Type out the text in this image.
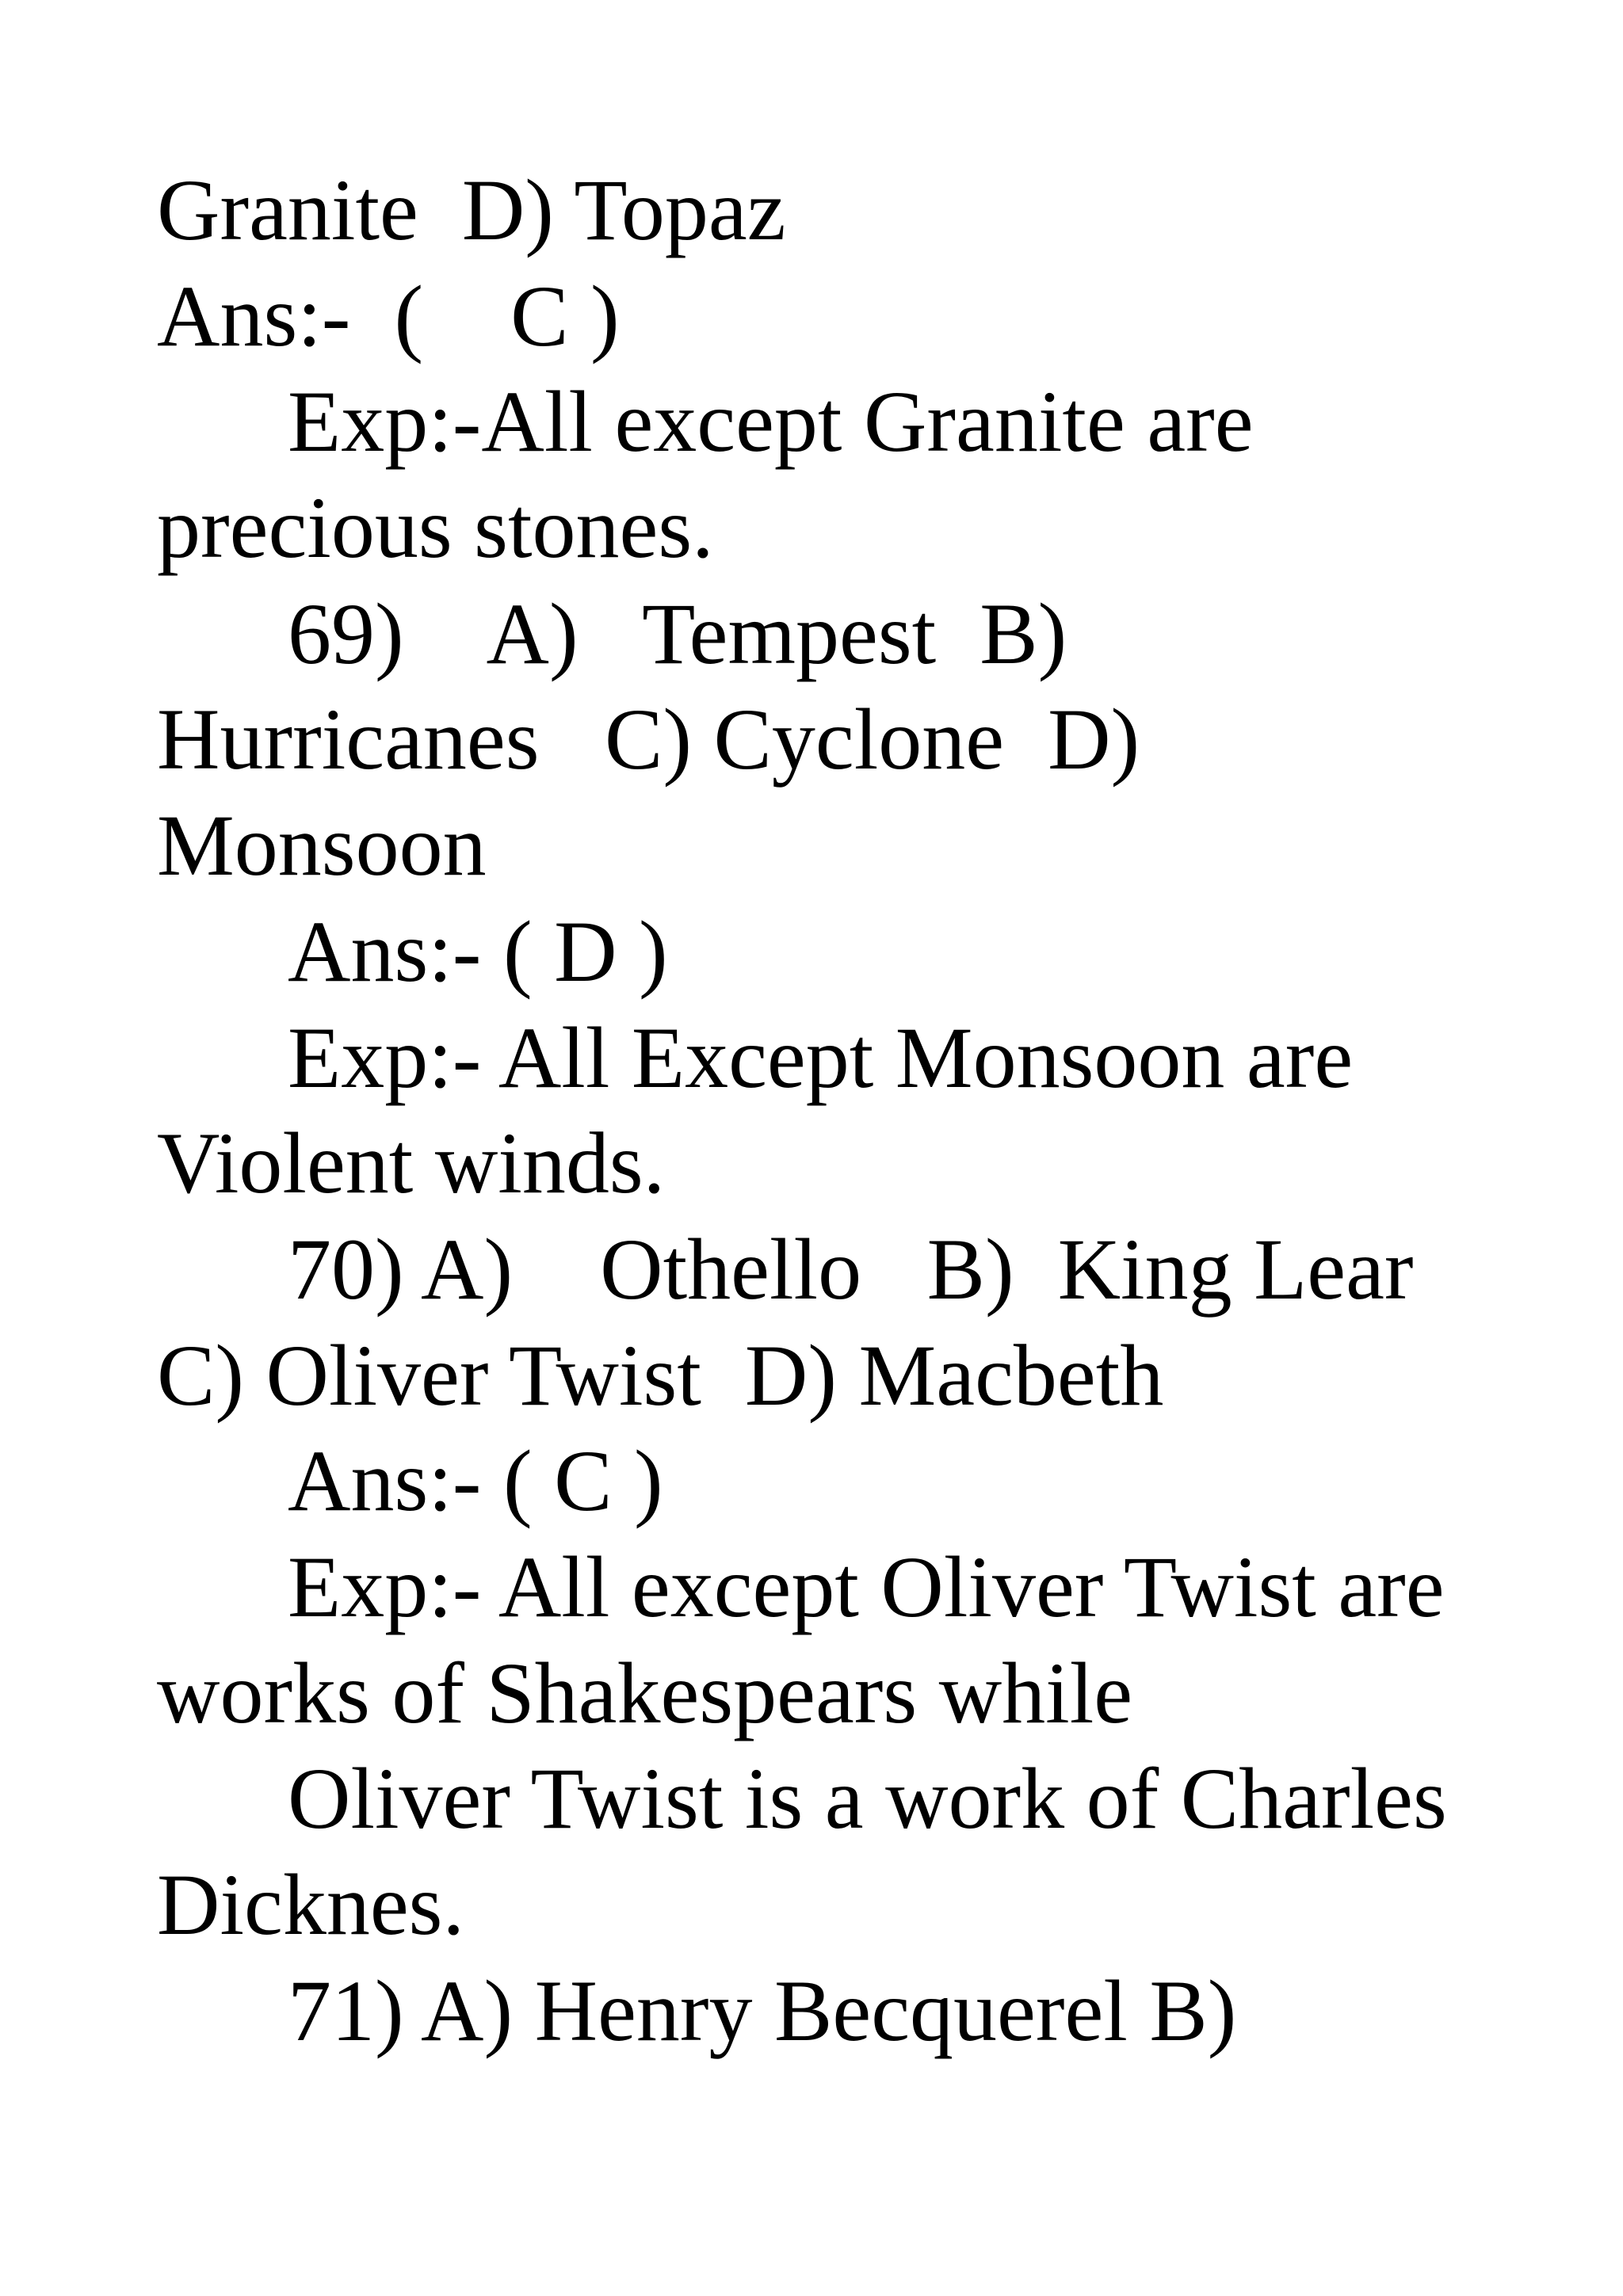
Granite  D) Topaz
Ans:-  (    C )
Exp:-All except Granite are
precious stones.
69)    A)   Tempest  B)
Hurricanes   C) Cyclone  D)
Monsoon
Ans:- ( D )
Exp:- All Except Monsoon are
Violent winds.
70) A)    Othello   B)  King Lear
C) Oliver Twist  D) Macbeth
Ans:- ( C )
Exp:- All except Oliver Twist are
works of Shakespears while
Oliver Twist is a work of Charles
Dicknes.
71) A) Henry Becquerel B)
